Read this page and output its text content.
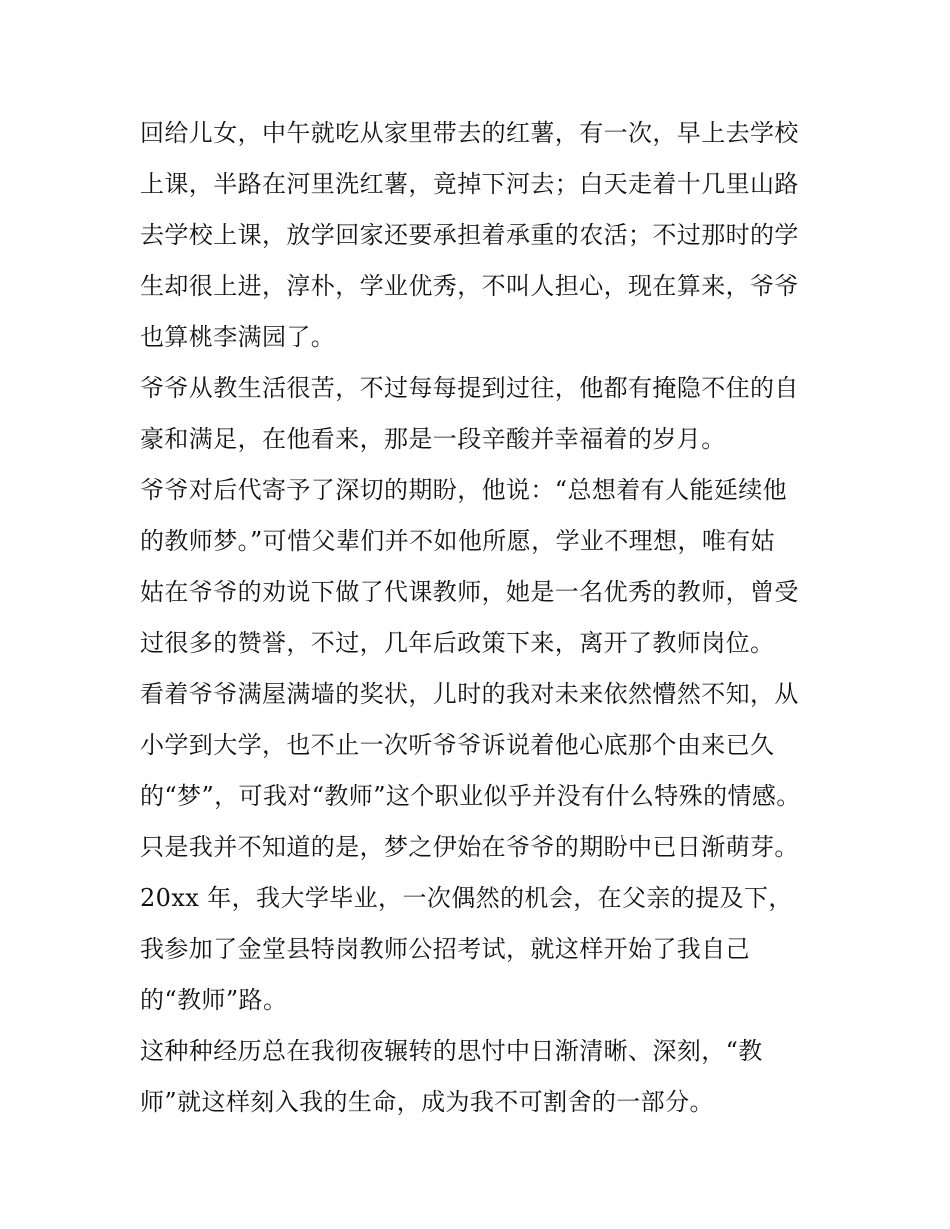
回给儿女，中午就吃从家里带去的红薯，有一次，早上去学校
上课，半路在河里洗红薯，竟掉下河去；白天走着十几里山路
去学校上课，放学回家还要承担着承重的农活；不过那时的学
生却很上进，淳朴，学业优秀，不叫人担心，现在算来，爷爷
也算桃李满园了。
爷爷从教生活很苦，不过每每提到过往，他都有掩隐不住的自
豪和满足，在他看来，那是一段辛酸并幸福着的岁月。
爷爷对后代寄予了深切的期盼，他说：“总想着有人能延续他
的教师梦。”可惜父辈们并不如他所愿，学业不理想，唯有姑
姑在爷爷的劝说下做了代课教师，她是一名优秀的教师，曾受
过很多的赞誉，不过，几年后政策下来，离开了教师岗位。
看着爷爷满屋满墙的奖状，儿时的我对未来依然懵然不知，从
小学到大学，也不止一次听爷爷诉说着他心底那个由来已久
的“梦”，可我对“教师”这个职业似乎并没有什么特殊的情感。
只是我并不知道的是，梦之伊始在爷爷的期盼中已日渐萌芽。
20xx 年，我大学毕业，一次偶然的机会，在父亲的提及下，
我参加了金堂县特岗教师公招考试，就这样开始了我自己
的“教师”路。
这种种经历总在我彻夜辗转的思忖中日渐清晰、深刻，“教
师”就这样刻入我的生命，成为我不可割舍的一部分。
